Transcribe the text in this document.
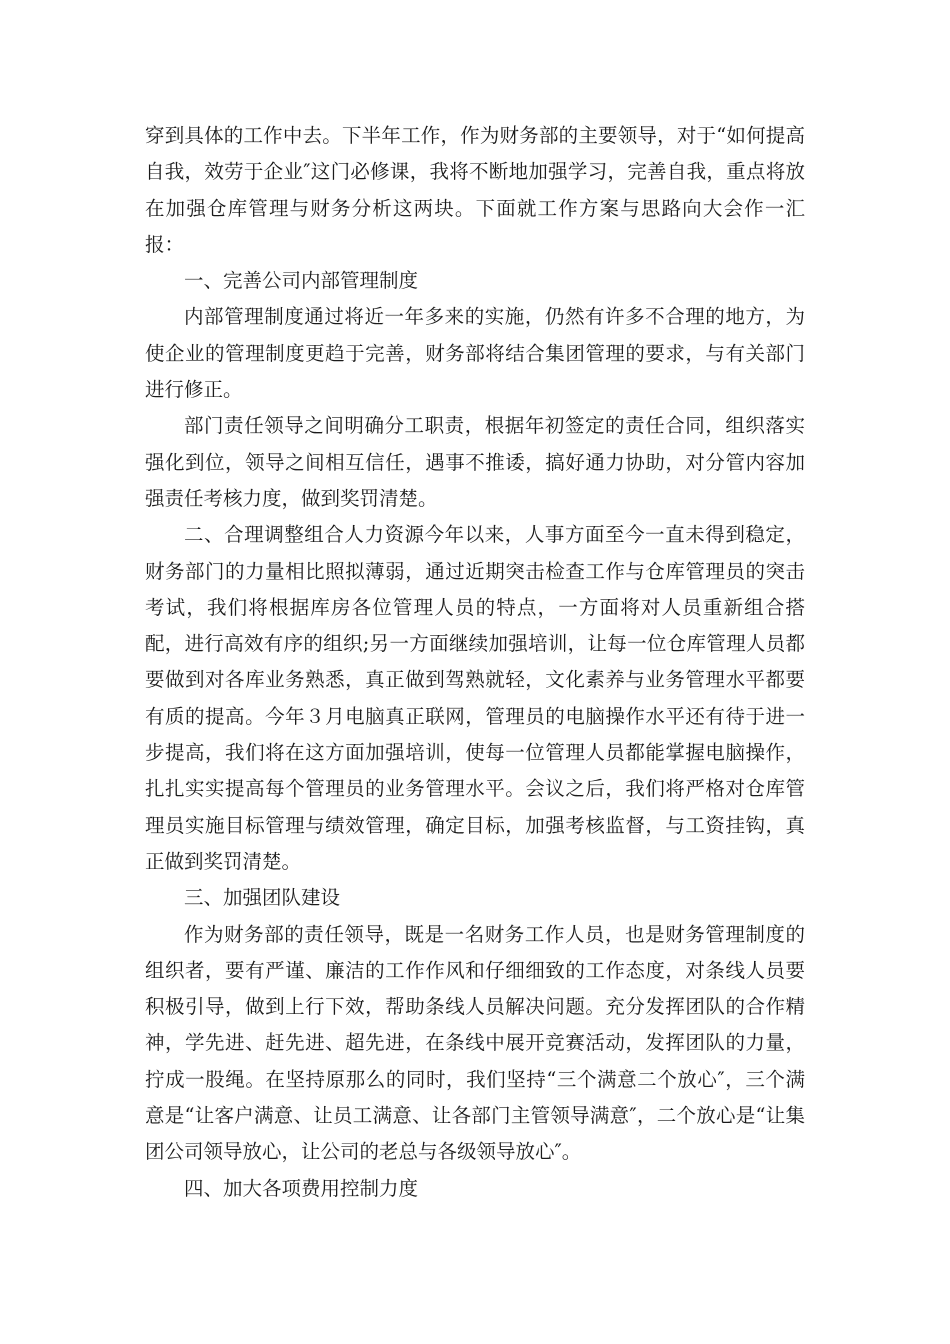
穿到具体的工作中去。下半年工作，作为财务部的主要领导，对于“如何提高自我，效劳于企业″这门必修课，我将不断地加强学习，完善自我，重点将放在加强仓库管理与财务分析这两块。下面就工作方案与思路向大会作一汇报：

一、完善公司内部管理制度

内部管理制度通过将近一年多来的实施，仍然有许多不合理的地方，为使企业的管理制度更趋于完善，财务部将结合集团管理的要求，与有关部门进行修正。

部门责任领导之间明确分工职责，根据年初签定的责任合同，组织落实强化到位，领导之间相互信任，遇事不推诿，搞好通力协助，对分管内容加强责任考核力度，做到奖罚清楚。

二、合理调整组合人力资源今年以来，人事方面至今一直未得到稳定，财务部门的力量相比照拟薄弱，通过近期突击检查工作与仓库管理员的突击考试，我们将根据库房各位管理人员的特点，一方面将对人员重新组合搭配，进行高效有序的组织;另一方面继续加强培训，让每一位仓库管理人员都要做到对各库业务熟悉，真正做到驾熟就轻，文化素养与业务管理水平都要有质的提高。今年３月电脑真正联网，管理员的电脑操作水平还有待于进一步提高，我们将在这方面加强培训，使每一位管理人员都能掌握电脑操作，扎扎实实提高每个管理员的业务管理水平。会议之后，我们将严格对仓库管理员实施目标管理与绩效管理，确定目标，加强考核监督，与工资挂钩，真正做到奖罚清楚。

三、加强团队建设

作为财务部的责任领导，既是一名财务工作人员，也是财务管理制度的组织者，要有严谨、廉洁的工作作风和仔细细致的工作态度，对条线人员要积极引导，做到上行下效，帮助条线人员解决问题。充分发挥团队的合作精神，学先进、赶先进、超先进，在条线中展开竞赛活动，发挥团队的力量，拧成一股绳。在坚持原那么的同时，我们坚持“三个满意二个放心″，三个满意是“让客户满意、让员工满意、让各部门主管领导满意″，二个放心是“让集团公司领导放心，让公司的老总与各级领导放心″。

四、加大各项费用控制力度
